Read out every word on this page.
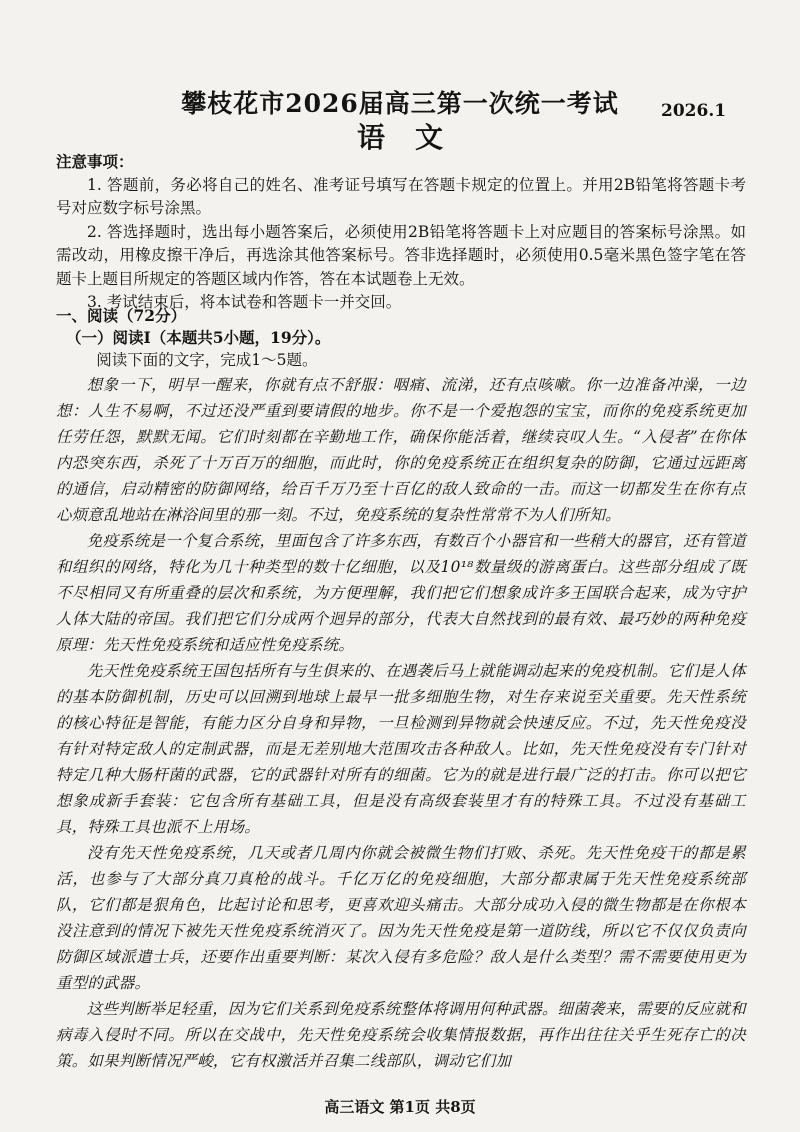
攀枝花市2026届高三第一次统一考试	2026.1
语文

注意事项：

1. 答题前，务必将自己的姓名、准考证号填写在答题卡规定的位置上。并用2B铅笔将答题卡考号对应数字标号涂黑。

2. 答选择题时，选出每小题答案后，必须使用2B铅笔将答题卡上对应题目的答案标号涂黑。如需改动，用橡皮擦干净后，再选涂其他答案标号。答非选择题时，必须使用0.5毫米黑色签字笔在答题卡上题目所规定的答题区域内作答，答在本试题卷上无效。

3. 考试结束后，将本试卷和答题卡一并交回。

一、阅读（72分）

（一）阅读I（本题共5小题，19分）。

阅读下面的文字，完成1～5题。

想象一下，明早一醒来，你就有点不舒服：咽痛、流涕，还有点咳嗽。你一边准备冲澡，一边想：人生不易啊，不过还没严重到要请假的地步。你不是一个爱抱怨的宝宝，而你的免疫系统更加任劳任怨，默默无闻。它们时刻都在辛勤地工作，确保你能活着，继续哀叹人生。“入侵者”在你体内恐突东西，杀死了十万百万的细胞，而此时，你的免疫系统正在组织复杂的防御，它通过远距离的通信，启动精密的防御网络，给百千万乃至十百亿的敌人致命的一击。而这一切都发生在你有点心烦意乱地站在淋浴间里的那一刻。不过，免疫系统的复杂性常常不为人们所知。

免疫系统是一个复合系统，里面包含了许多东西，有数百个小器官和一些稍大的器官，还有管道和组织的网络，特化为几十种类型的数十亿细胞，以及10¹⁸数量级的游离蛋白。这些部分组成了既不尽相同又有所重叠的层次和系统，为方便理解，我们把它们想象成许多王国联合起来，成为守护人体大陆的帝国。我们把它们分成两个迥异的部分，代表大自然找到的最有效、最巧妙的两种免疫原理：先天性免疫系统和适应性免疫系统。

先天性免疫系统王国包括所有与生俱来的、在遇袭后马上就能调动起来的免疫机制。它们是人体的基本防御机制，历史可以回溯到地球上最早一批多细胞生物，对生存来说至关重要。先天性系统的核心特征是智能，有能力区分自身和异物，一旦检测到异物就会快速反应。不过，先天性免疫没有针对特定敌人的定制武器，而是无差别地大范围攻击各种敌人。比如，先天性免疫没有专门针对特定几种大肠杆菌的武器，它的武器针对所有的细菌。它为的就是进行最广泛的打击。你可以把它想象成新手套装：它包含所有基础工具，但是没有高级套装里才有的特殊工具。不过没有基础工具，特殊工具也派不上用场。

没有先天性免疫系统，几天或者几周内你就会被微生物们打败、杀死。先天性免疫干的都是累活，也参与了大部分真刀真枪的战斗。千亿万亿的免疫细胞，大部分都隶属于先天性免疫系统部队，它们都是狠角色，比起讨论和思考，更喜欢迎头痛击。大部分成功入侵的微生物都是在你根本没注意到的情况下被先天性免疫系统消灭了。因为先天性免疫是第一道防线，所以它不仅仅负责向防御区域派遣士兵，还要作出重要判断：某次入侵有多危险？敌人是什么类型？需不需要使用更为重型的武器。

这些判断举足轻重，因为它们关系到免疫系统整体将调用何种武器。细菌袭来，需要的反应就和病毒入侵时不同。所以在交战中，先天性免疫系统会收集情报数据，再作出往往关乎生死存亡的决策。如果判断情况严峻，它有权激活并召集二线部队，调动它们加

高三语文 第1页 共8页
